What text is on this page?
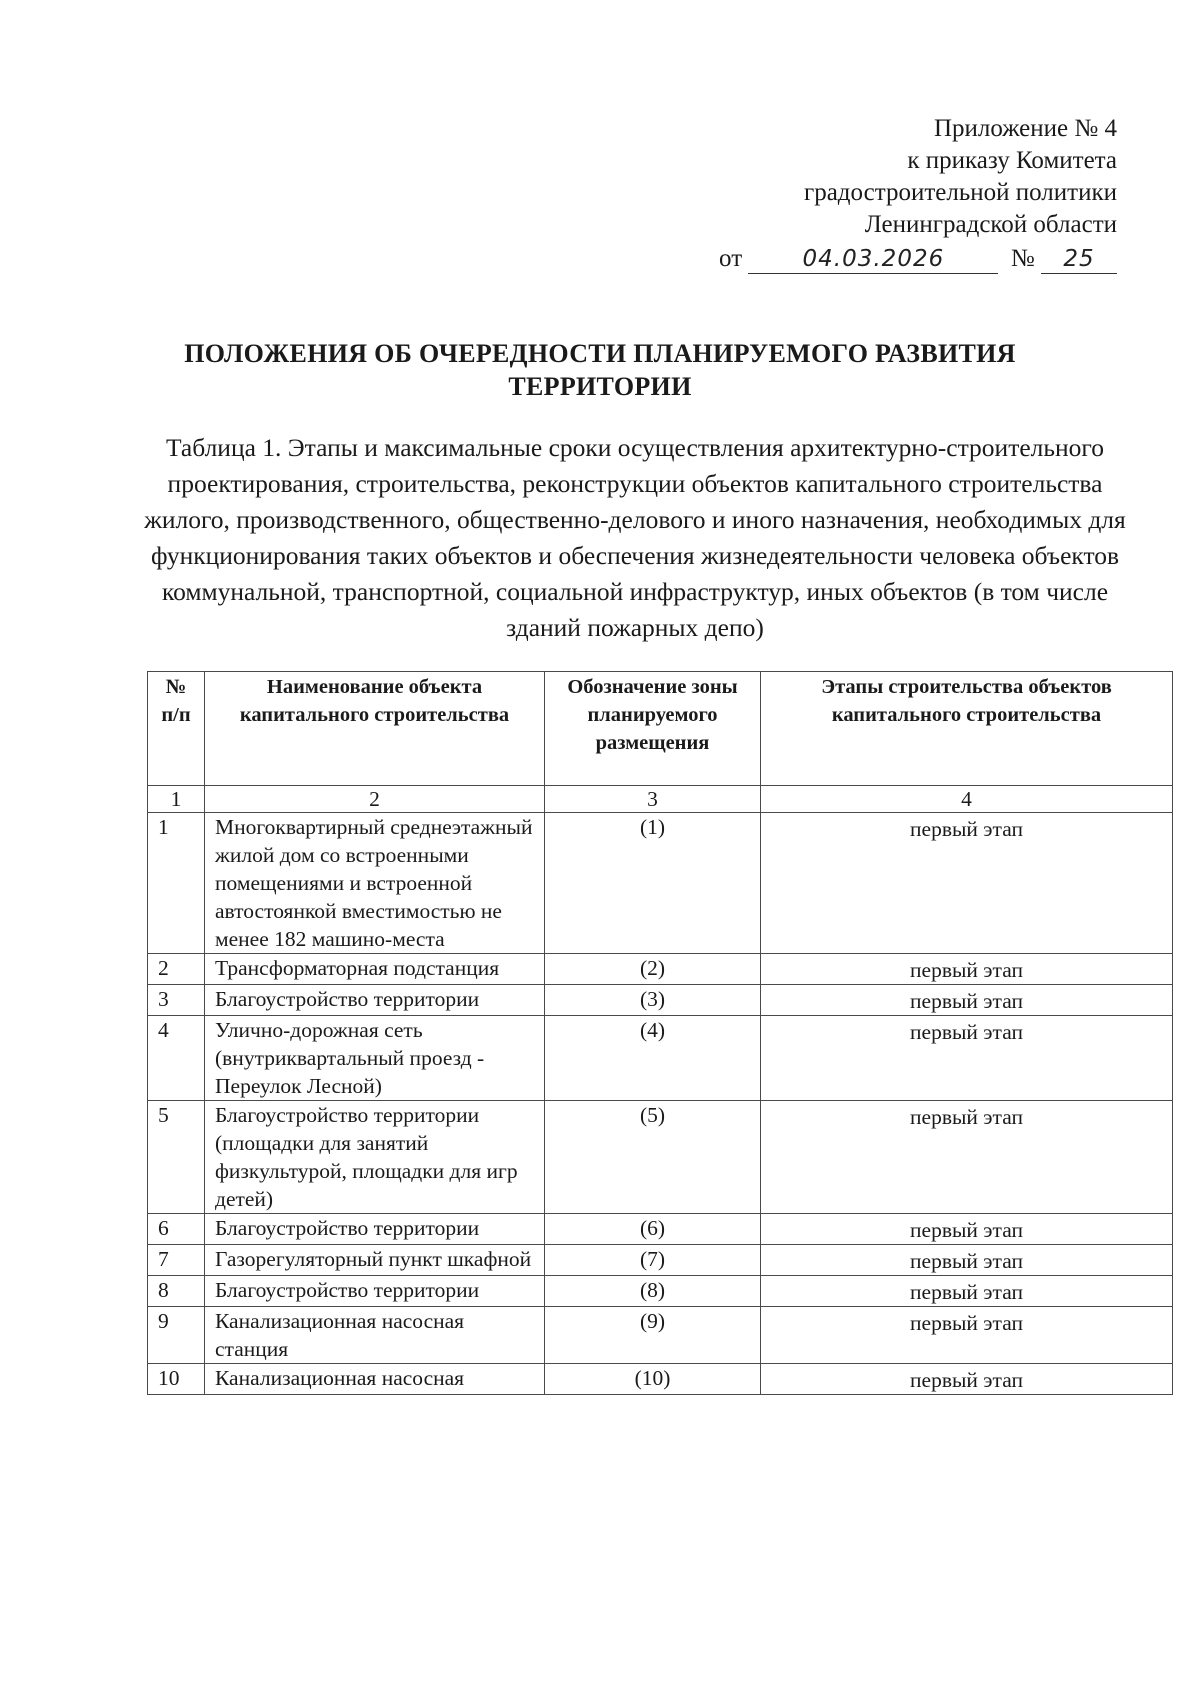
Приложение № 4
к приказу Комитета
градостроительной политики
Ленинградской области
от	04.03.2026	№ 25
ПОЛОЖЕНИЯ ОБ ОЧЕРЕДНОСТИ ПЛАНИРУЕМОГО РАЗВИТИЯ ТЕРРИТОРИИ

Таблица 1. Этапы и максимальные сроки осуществления архитектурно-строительного проектирования, строительства, реконструкции объектов капитального строительства жилого, производственного, общественно-делового и иного назначения, необходимых для функционирования таких объектов и обеспечения жизнедеятельности человека объектов коммунальной, транспортной, социальной инфраструктур, иных объектов (в том числе зданий пожарных депо)

№ п/п	Наименование объекта капитального строительства	Обозначение зоны планируемого размещения	Этапы строительства объектов капитального строительства
1	2	3	4
1	Многоквартирный среднеэтажный жилой дом со встроенными помещениями и встроенной автостоянкой вместимостью не менее 182 машино-места	(1)	первый этап
2	Трансформаторная подстанция	(2)	первый этап
3	Благоустройство территории	(3)	первый этап
4	Улично-дорожная сеть (внутриквартальный проезд - Переулок Лесной)	(4)	первый этап
5	Благоустройство территории (площадки для занятий физкультурой, площадки для игр детей)	(5)	первый этап
6	Благоустройство территории	(6)	первый этап
7	Газорегуляторный пункт шкафной	(7)	первый этап
8	Благоустройство территории	(8)	первый этап
9	Канализационная насосная станция	(9)	первый этап
10	Канализационная насосная	(10)	первый этап
